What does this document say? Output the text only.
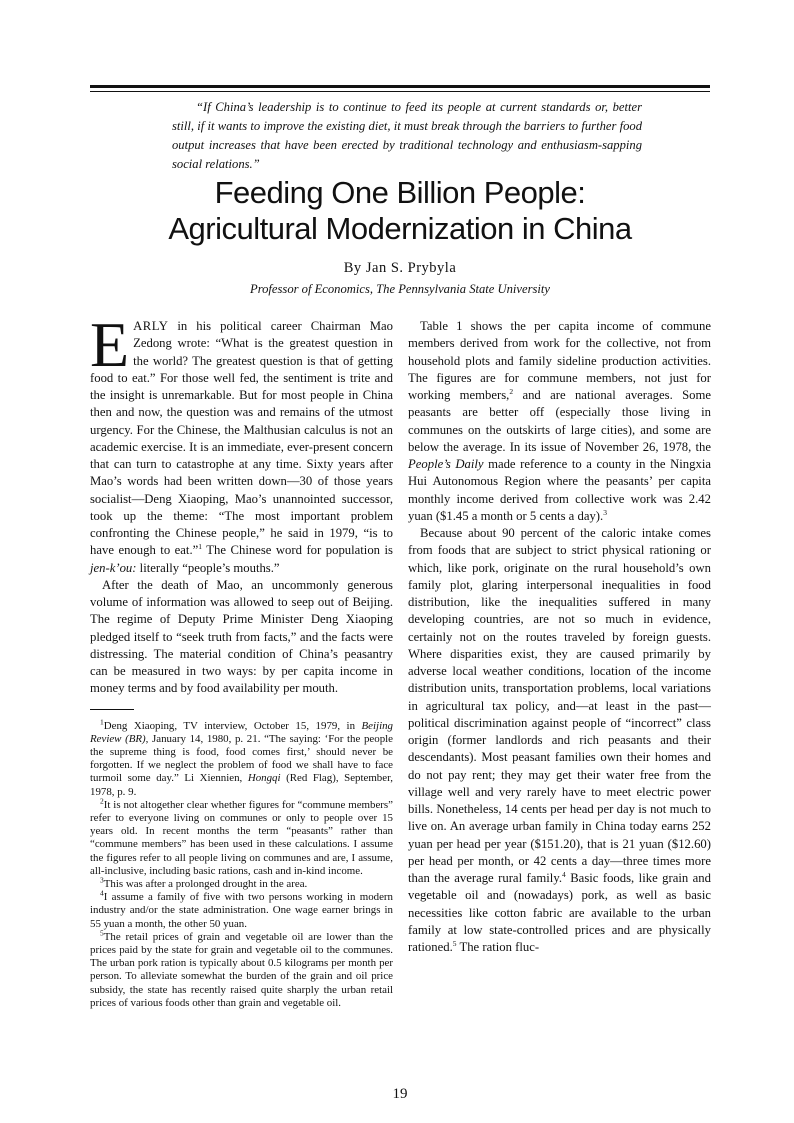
“If China’s leadership is to continue to feed its people at current standards or, better still, if it wants to improve the existing diet, it must break through the barriers to further food output increases that have been erected by traditional technology and enthusiasm-sapping social relations.”

Feeding One Billion People:
Agricultural Modernization in China

By Jan S. Prybyla

Professor of Economics, The Pennsylvania State University

EARLY in his political career Chairman Mao Zedong wrote: “What is the greatest question in the world? The greatest question is that of getting food to eat.” For those well fed, the sentiment is trite and the insight is unremarkable. But for most people in China then and now, the question was and remains of the utmost urgency. For the Chinese, the Malthusian calculus is not an academic exercise. It is an immediate, ever-present concern that can turn to catastrophe at any time. Sixty years after Mao’s words had been written down—30 of those years socialist—Deng Xiaoping, Mao’s unannointed successor, took up the theme: “The most important problem confronting the Chinese people,” he said in 1979, “is to have enough to eat.”$^1$ The Chinese word for population is jen-k’ou: literally “people’s mouths.”

After the death of Mao, an uncommonly generous volume of information was allowed to seep out of Beijing. The regime of Deputy Prime Minister Deng Xiaoping pledged itself to “seek truth from facts,” and the facts were distressing. The material condition of China’s peasantry can be measured in two ways: by per capita income in money terms and by food availability per mouth.

$^1$Deng Xiaoping, TV interview, October 15, 1979, in Beijing Review (BR), January 14, 1980, p. 21. “The saying: ‘For the people the supreme thing is food, food comes first,’ should never be forgotten. If we neglect the problem of food we shall have to face turmoil some day.” Li Xiennien, Hongqi (Red Flag), September, 1978, p. 9.

$^2$It is not altogether clear whether figures for “commune members” refer to everyone living on communes or only to people over 15 years old. In recent months the term “peasants” rather than “commune members” has been used in these calculations. I assume the figures refer to all people living on communes and are, I assume, all-inclusive, including basic rations, cash and in-kind income.

$^3$This was after a prolonged drought in the area.

$^4$I assume a family of five with two persons working in modern industry and/or the state administration. One wage earner brings in 55 yuan a month, the other 50 yuan.

$^5$The retail prices of grain and vegetable oil are lower than the prices paid by the state for grain and vegetable oil to the communes. The urban pork ration is typically about 0.5 kilograms per month per person. To alleviate somewhat the burden of the grain and oil price subsidy, the state has recently raised quite sharply the urban retail prices of various foods other than grain and vegetable oil.

Table 1 shows the per capita income of commune members derived from work for the collective, not from household plots and family sideline production activities. The figures are for commune members, not just for working members,$^2$ and are national averages. Some peasants are better off (especially those living in communes on the outskirts of large cities), and some are below the average. In its issue of November 26, 1978, the People’s Daily made reference to a county in the Ningxia Hui Autonomous Region where the peasants’ per capita monthly income derived from collective work was 2.42 yuan ($1.45 a month or 5 cents a day).$^3$

Because about 90 percent of the caloric intake comes from foods that are subject to strict physical rationing or which, like pork, originate on the rural household’s own family plot, glaring interpersonal inequalities in food distribution, like the inequalities suffered in many developing countries, are not so much in evidence, certainly not on the routes traveled by foreign guests. Where disparities exist, they are caused primarily by adverse local weather conditions, location of the income distribution units, transportation problems, local variations in agricultural tax policy, and—at least in the past—political discrimination against people of “incorrect” class origin (former landlords and rich peasants and their descendants). Most peasant families own their homes and do not pay rent; they may get their water free from the village well and very rarely have to meet electric power bills. Nonetheless, 14 cents per head per day is not much to live on. An average urban family in China today earns 252 yuan per head per year ($151.20), that is 21 yuan ($12.60) per head per month, or 42 cents a day—three times more than the average rural family.$^4$ Basic foods, like grain and vegetable oil and (nowadays) pork, as well as basic necessities like cotton fabric are available to the urban family at low state-controlled prices and are physically rationed.$^5$ The ration fluc-

19
